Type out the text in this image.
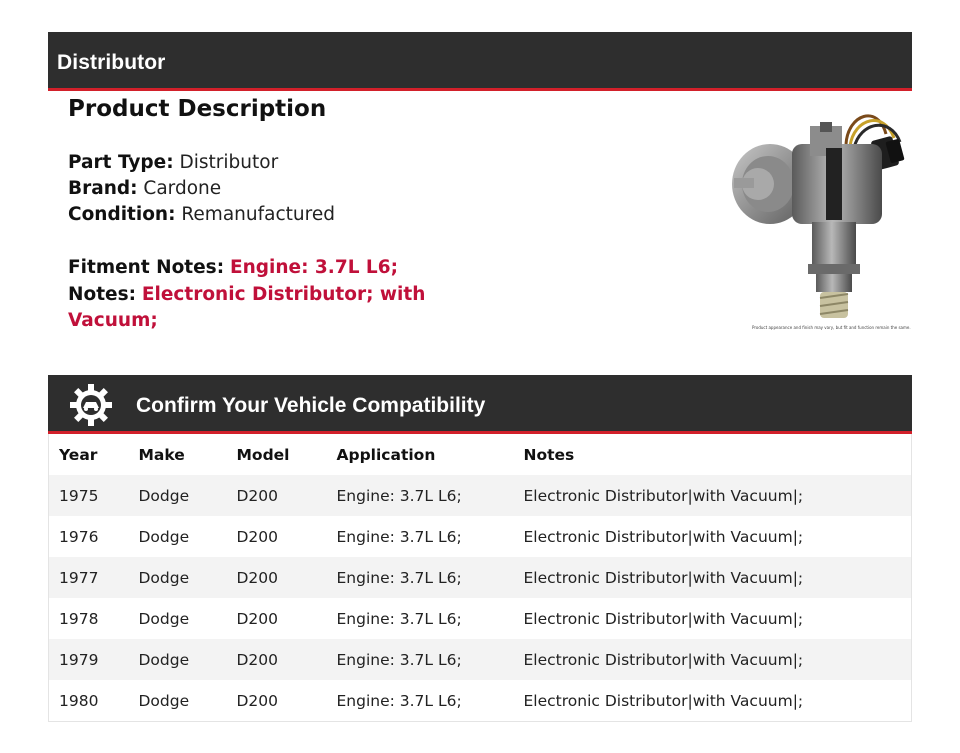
Distributor
Product Description
Part Type: Distributor
Brand: Cardone
Condition: Remanufactured
Fitment Notes: Engine: 3.7L L6;
Notes: Electronic Distributor; with
Vacuum;	Product appearance and finish may vary, but fit and function remain the same.
Confirm Your Vehicle Compatibility
Year	Make	Model	Application	Notes
1975	Dodge	D200	Engine: 3.7L L6;	Electronic Distributor|with Vacuum|;
1976	Dodge	D200	Engine: 3.7L L6;	Electronic Distributor|with Vacuum|;
1977	Dodge	D200	Engine: 3.7L L6;	Electronic Distributor|with Vacuum|;
1978	Dodge	D200	Engine: 3.7L L6;	Electronic Distributor|with Vacuum|;
1979	Dodge	D200	Engine: 3.7L L6;	Electronic Distributor|with Vacuum|;
1980	Dodge	D200	Engine: 3.7L L6;	Electronic Distributor|with Vacuum|;
